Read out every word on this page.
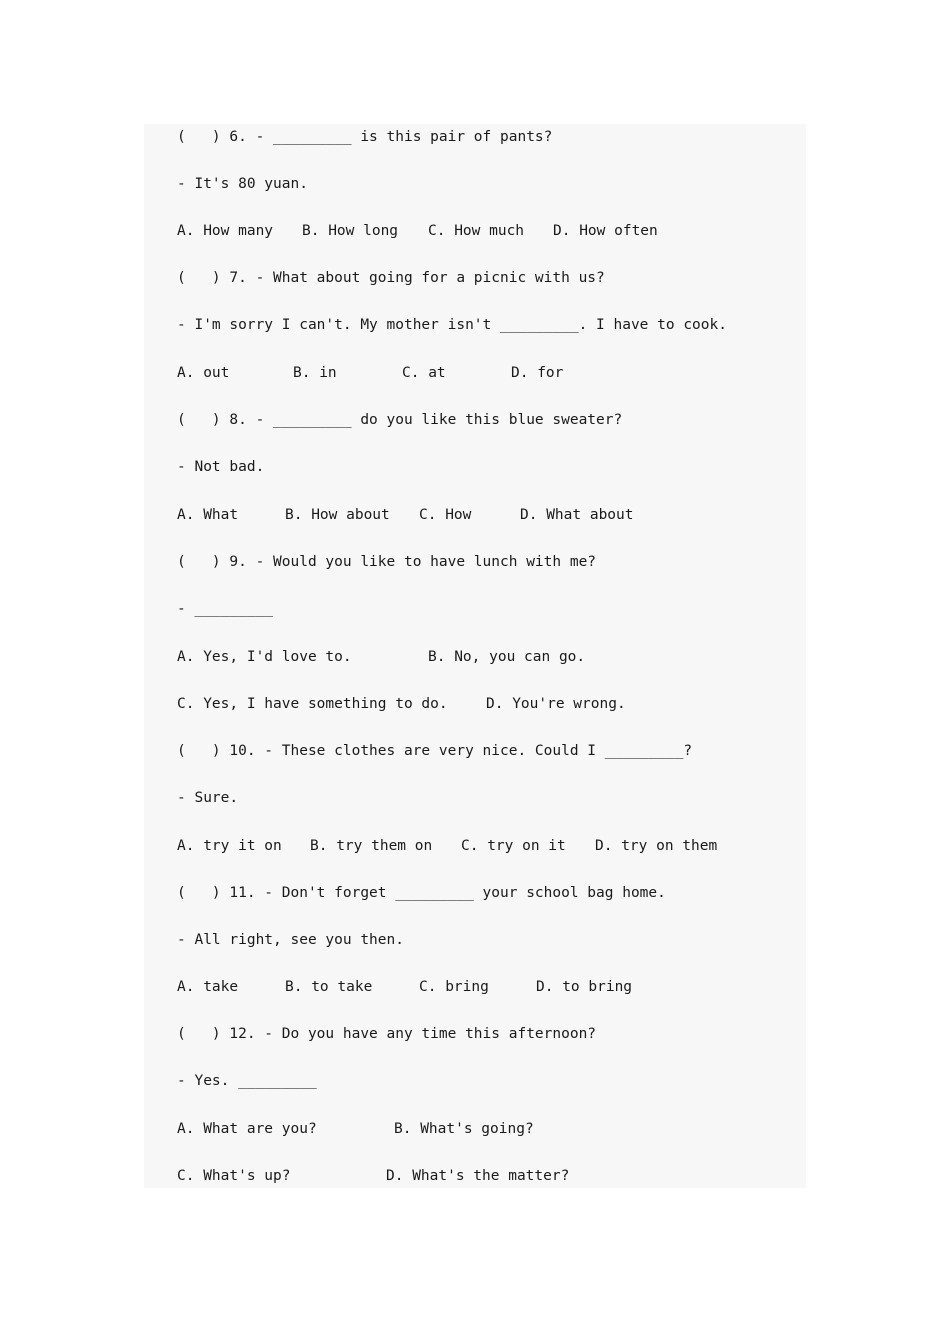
(   ) 6. - _________ is this pair of pants?
- It's 80 yuan.
A. How many B. How long C. How much D. How often
(   ) 7. - What about going for a picnic with us?
- I'm sorry I can't. My mother isn't _________. I have to cook.
A. out	B. in	C. at	D. for
(   ) 8. - _________ do you like this blue sweater?
- Not bad.
A. What	B. How about C. How	D. What about
(   ) 9. - Would you like to have lunch with me?
- _________
A. Yes, I'd love to.	B. No, you can go.
C. Yes, I have something to do.	D. You're wrong.
(   ) 10. - These clothes are very nice. Could I _________?
- Sure.
A. try it on B. try them on C. try on it D. try on them
(   ) 11. - Don't forget _________ your school bag home.
- All right, see you then.
A. take	B. to take	C. bring	D. to bring
(   ) 12. - Do you have any time this afternoon?
- Yes. _________
A. What are you?	B. What's going?
C. What's up?	D. What's the matter?
